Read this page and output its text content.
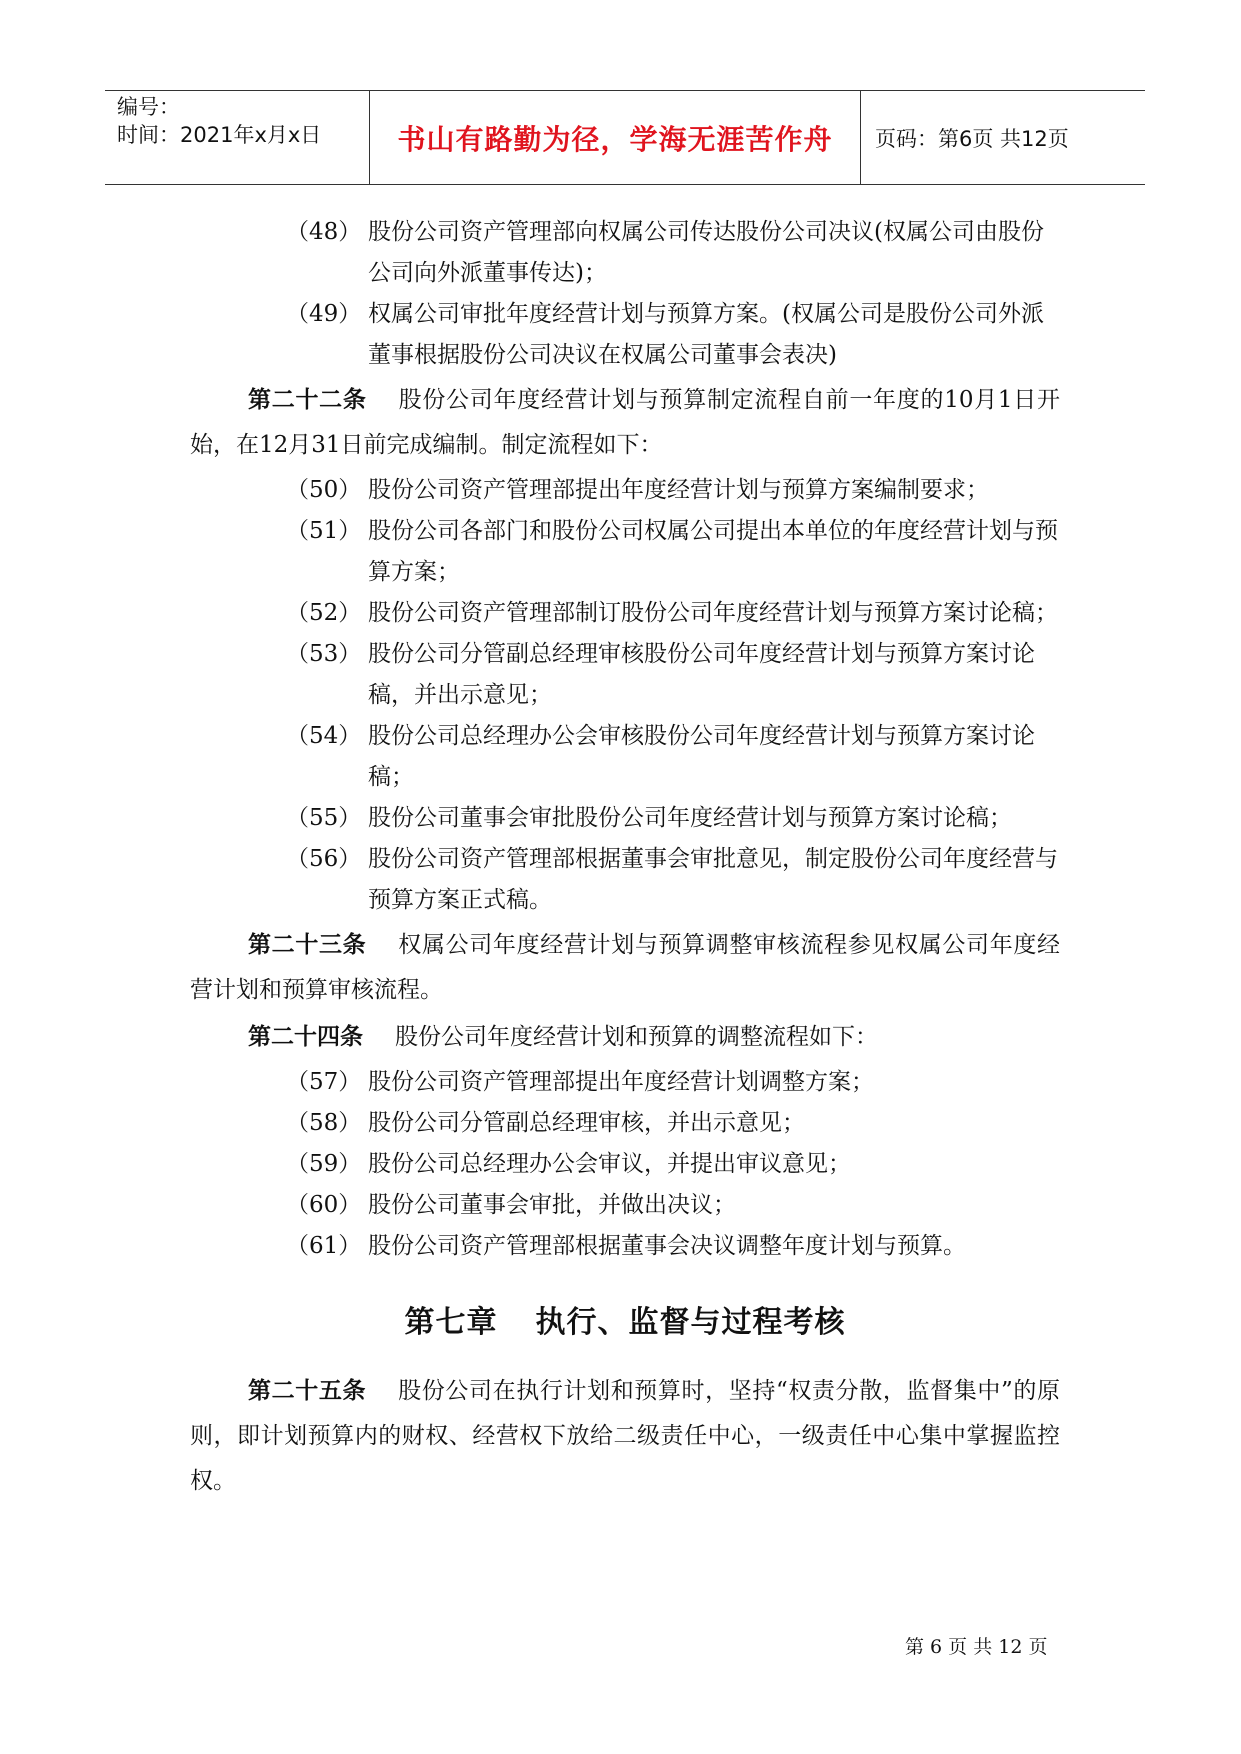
编号：
时间：2021年x月x日	书山有路勤为径，学海无涯苦作舟 页码：第6页 共12页
（48） 股份公司资产管理部向权属公司传达股份公司决议(权属公司由股份公司向外派董事传达)；
（49） 权属公司审批年度经营计划与预算方案。(权属公司是股份公司外派董事根据股份公司决议在权属公司董事会表决)

第二十二条 股份公司年度经营计划与预算制定流程自前一年度的10月1日开始，在12月31日前完成编制。制定流程如下：

（50） 股份公司资产管理部提出年度经营计划与预算方案编制要求；
（51） 股份公司各部门和股份公司权属公司提出本单位的年度经营计划与预算方案；
（52） 股份公司资产管理部制订股份公司年度经营计划与预算方案讨论稿；
（53） 股份公司分管副总经理审核股份公司年度经营计划与预算方案讨论稿，并出示意见；
（54） 股份公司总经理办公会审核股份公司年度经营计划与预算方案讨论稿；
（55） 股份公司董事会审批股份公司年度经营计划与预算方案讨论稿；
（56） 股份公司资产管理部根据董事会审批意见，制定股份公司年度经营与预算方案正式稿。

第二十三条 权属公司年度经营计划与预算调整审核流程参见权属公司年度经营计划和预算审核流程。

第二十四条 股份公司年度经营计划和预算的调整流程如下：

（57） 股份公司资产管理部提出年度经营计划调整方案；
（58） 股份公司分管副总经理审核，并出示意见；
（59） 股份公司总经理办公会审议，并提出审议意见；
（60） 股份公司董事会审批，并做出决议；
（61） 股份公司资产管理部根据董事会决议调整年度计划与预算。
第七章 执行、监督与过程考核

第二十五条 股份公司在执行计划和预算时，坚持“权责分散，监督集中”的原则，即计划预算内的财权、经营权下放给二级责任中心，一级责任中心集中掌握监控权。

第 6 页 共 12 页
